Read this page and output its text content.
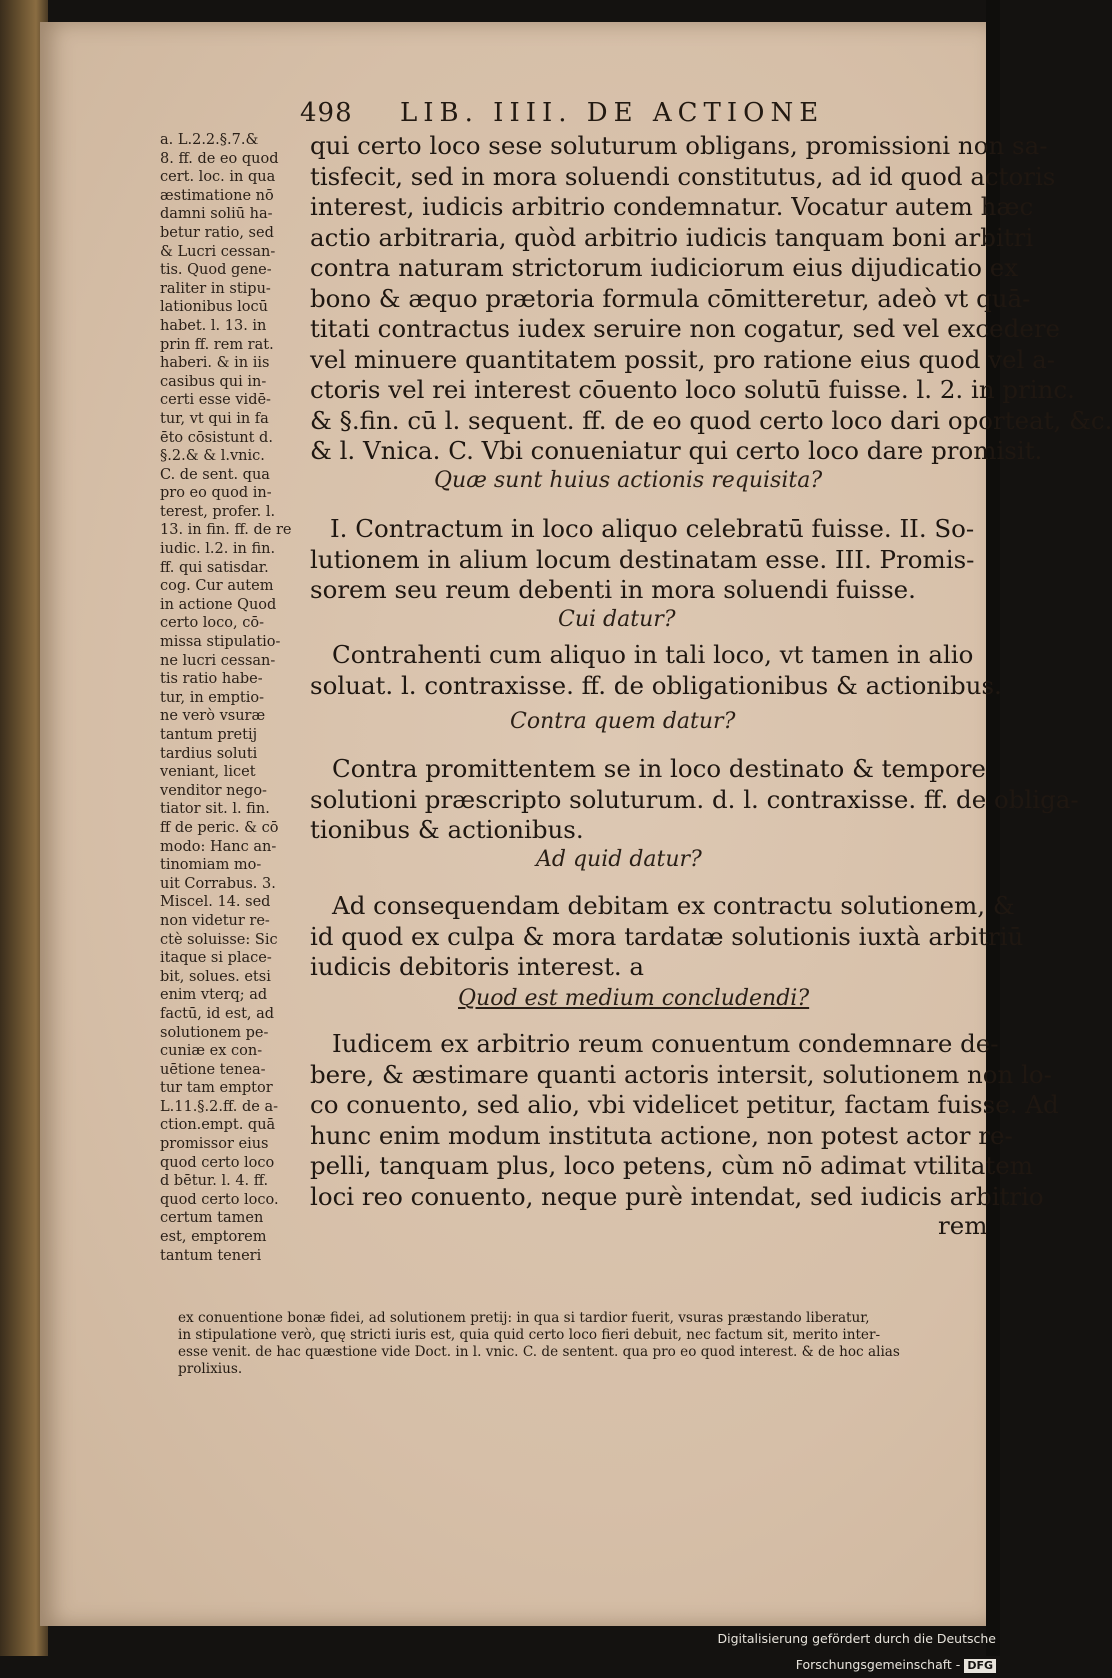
498 LIB. IIII. DE ACTIONE
a. L.2.2.§.7.&
8. ff. de eo quod
cert. loc. in qua
æstimatione nō
damni soliū ha-
betur ratio, sed
& Lucri cessan-
tis. Quod gene-
raliter in stipu-
lationibus locū
habet. l. 13. in
prin ff. rem rat.
haberi. & in iis
casibus qui in-
certi esse vidē-
tur, vt qui in fa
ēto cōsistunt d.
§.2.& & l.vnic.
C. de sent. qua
pro eo quod in-
terest, profer. l.
13. in fin. ff. de re
iudic. l.2. in fin.
ff. qui satisdar.
cog. Cur autem
in actione Quod
certo loco, cō-
missa stipulatio-
ne lucri cessan-
tis ratio habe-
tur, in emptio-
ne verò vsuræ
tantum pretij
tardius soluti
veniant, licet
venditor nego-
tiator sit. l. fin.
ff de peric. & cō
modo: Hanc an-
tinomiam mo-
uit Corrabus. 3.
Miscel. 14. sed
non videtur re-
ctè soluisse: Sic
itaque si place-
bit, solues. etsi
enim vterq; ad
factū, id est, ad
solutionem pe-
cuniæ ex con-
uētione tenea-
tur tam emptor
L.11.§.2.ff. de a-
ction.empt. quā
promissor eius
quod certo loco
d bētur. l. 4. ff.
quod certo loco.
certum tamen
est, emptorem
tantum teneri
qui certo loco sese soluturum obligans, promissioni non sa-
tisfecit, sed in mora soluendi constitutus, ad id quod actoris
interest, iudicis arbitrio condemnatur. Vocatur autem hæc
actio arbitraria, quòd arbitrio iudicis tanquam boni arbitri
contra naturam strictorum iudiciorum eius dijudicatio ex
bono & æquo prætoria formula cōmitteretur, adeò vt quā-
titati contractus iudex seruire non cogatur, sed vel excedere
vel minuere quantitatem possit, pro ratione eius quod vel a-
ctoris vel rei interest cōuento loco solutū fuisse. l. 2. in princ.
& §.fin. cū l. sequent. ff. de eo quod certo loco dari oporteat, &c.
& l. Vnica. C. Vbi conueniatur qui certo loco dare promisit.
Quæ sunt huius actionis requisita?
I. Contractum in loco aliquo celebratū fuisse. II. So-
lutionem in alium locum destinatam esse. III. Promis-
sorem seu reum debenti in mora soluendi fuisse.
Cui datur?
Contrahenti cum aliquo in tali loco, vt tamen in alio
soluat. l. contraxisse. ff. de obligationibus & actionibus.
Contra quem datur?
Contra promittentem se in loco destinato & tempore
solutioni præscripto soluturum. d. l. contraxisse. ff. de obliga-
tionibus & actionibus.
Ad quid datur?
Ad consequendam debitam ex contractu solutionem, &
id quod ex culpa & mora tardatæ solutionis iuxtà arbitriū
iudicis debitoris interest. a
Quod est medium concludendi?
Iudicem ex arbitrio reum conuentum condemnare de-
bere, & æstimare quanti actoris intersit, solutionem non lo-
co conuento, sed alio, vbi videlicet petitur, factam fuisse. Ad
hunc enim modum instituta actione, non potest actor re-
pelli, tanquam plus, loco petens, cùm nō adimat vtilitatem
loci reo conuento, neque purè intendat, sed iudicis arbitrio
rem
ex conuentione bonæ fidei, ad solutionem pretij: in qua si tardior fuerit, vsuras præstando liberatur,
in stipulatione verò, quę stricti iuris est, quia quid certo loco fieri debuit, nec factum sit, merito inter-
esse venit. de hac quæstione vide Doct. in l. vnic. C. de sentent. qua pro eo quod interest. & de hoc alias
prolixius.
Digitalisierung gefördert durch die Deutsche Forschungsgemeinschaft - DFG
